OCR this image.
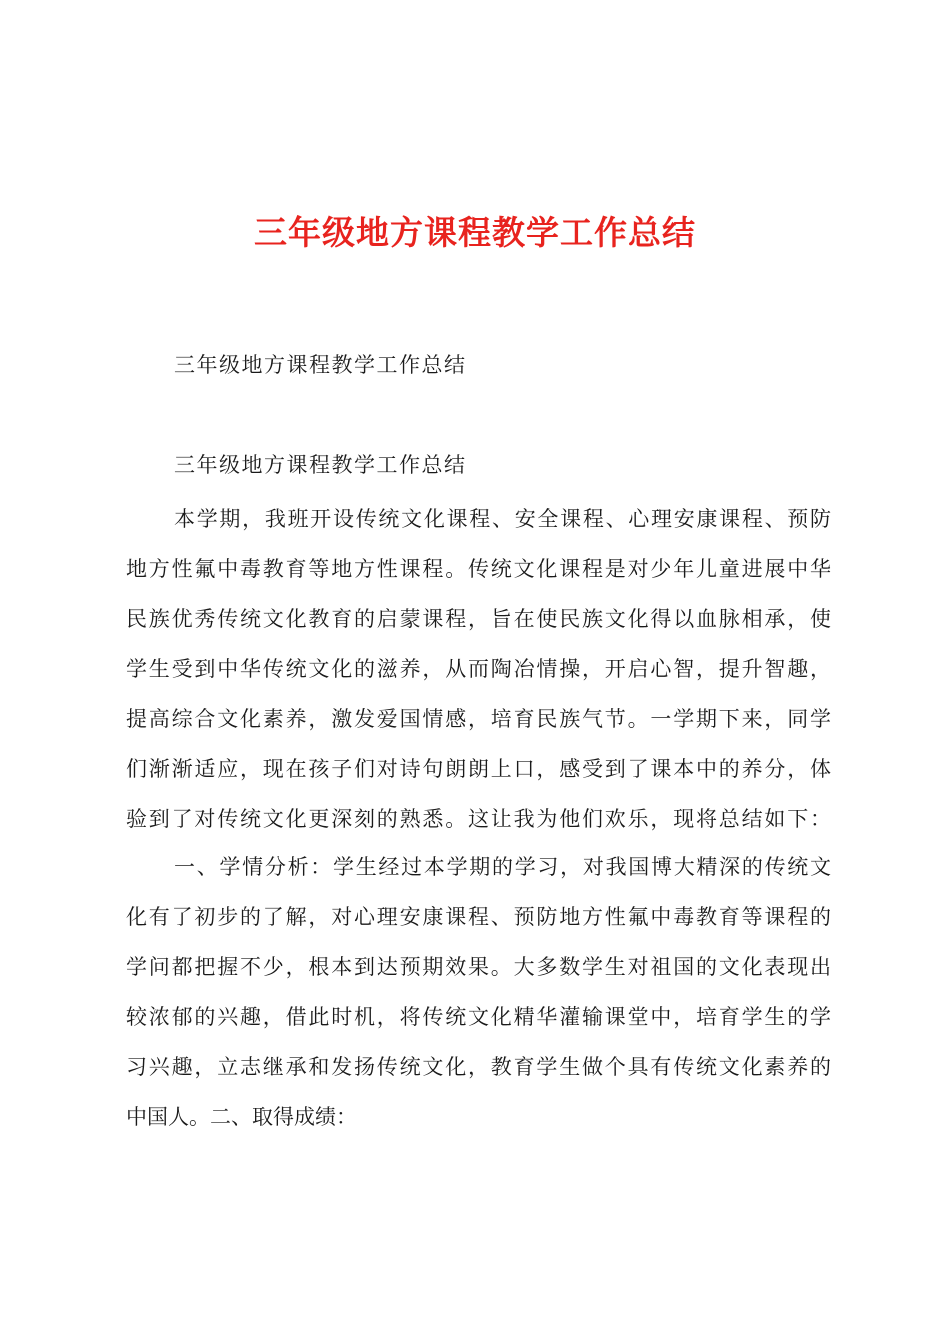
三年级地方课程教学工作总结
三年级地方课程教学工作总结
三年级地方课程教学工作总结
本学期，我班开设传统文化课程、安全课程、心理安康课程、预防
地方性氟中毒教育等地方性课程。传统文化课程是对少年儿童进展中华
民族优秀传统文化教育的启蒙课程，旨在使民族文化得以血脉相承，使
学生受到中华传统文化的滋养，从而陶冶情操，开启心智，提升智趣，
提高综合文化素养，激发爱国情感，培育民族气节。一学期下来，同学
们渐渐适应，现在孩子们对诗句朗朗上口，感受到了课本中的养分，体
验到了对传统文化更深刻的熟悉。这让我为他们欢乐，现将总结如下：
一、学情分析：学生经过本学期的学习，对我国博大精深的传统文
化有了初步的了解，对心理安康课程、预防地方性氟中毒教育等课程的
学问都把握不少，根本到达预期效果。大多数学生对祖国的文化表现出
较浓郁的兴趣，借此时机，将传统文化精华灌输课堂中，培育学生的学
习兴趣，立志继承和发扬传统文化，教育学生做个具有传统文化素养的
中国人。二、取得成绩：
